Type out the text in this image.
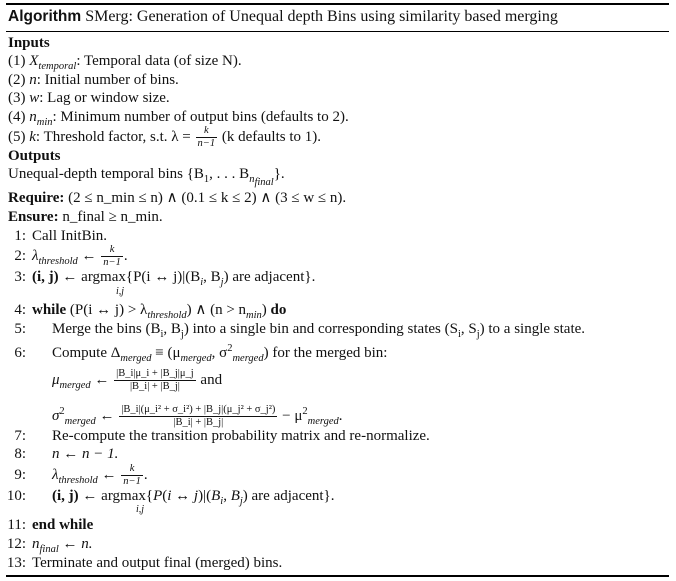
Algorithm SMerg: Generation of Unequal depth Bins using similarity based merging
Inputs
(1) $X_{temporal}$: Temporal data (of size N).
(2) n: Initial number of bins.
(3) w: Lag or window size.
(4) $n_{min}$: Minimum number of output bins (defaults to 2).
(5) k: Threshold factor, s.t. $\lambda = \frac{k}{n-1} (k$ defaults to 1).
Outputs
Unequal-depth temporal bins {$B_1$, . . . $B_{n_{final}}$}.
Require: (2 ≤ n_min ≤ n) ∧ (0.1 ≤ k ≤ 2) ∧ (3 ≤ w ≤ n).
Ensure: n_final ≥ n_min.
1: Call InitBin.
2: $\lambda_{threshold}$ ← $\frac{k}{n-1}$ .
3: (i, j) ← argmax{P(i ↔ $j)|(B_i$, $B_j$) are adjacent}.
i,j
4: while (P(i ↔ $j) > \lambda_{threshold}$) ∧ $(n > n_{min})$ do
5: Merge the bins ($B_i$, $B_j$) into a single bin and corresponding states ($S_i$, $S_j$) to a single state.
6: Compute $\Delta_{merged} \equiv (\mu_{merged}$, $\sigma^2_{merged}$) for the merged bin:
$\mu_{merged}$ ← $\frac{|B\_i|\mu\_i + |B\_j|\mu\_j}{|B\_i| + |B\_j|}$ and
$\sigma^2_{merged}$ ← $\frac{\text{|B\_i|(μ\_i² + σ\_i²) + |B\_j|(μ\_j² + σ\_j²)}}{|B\_i| + |B\_j|} - \mu^2_{merged}$.
7: Re-compute the transition probability matrix and re-normalize.
8: n ← n − 1.
9: $\lambda_{threshold}$ ← $\frac{k}{n-1}$ .
10: (i, j) ← argmax{P(i ↔ $j)|(B_i$, $B_j$) are adjacent}.
i,j
11: end while
12: $n_{final}$ ← n.
13: Terminate and output final (merged) bins.
